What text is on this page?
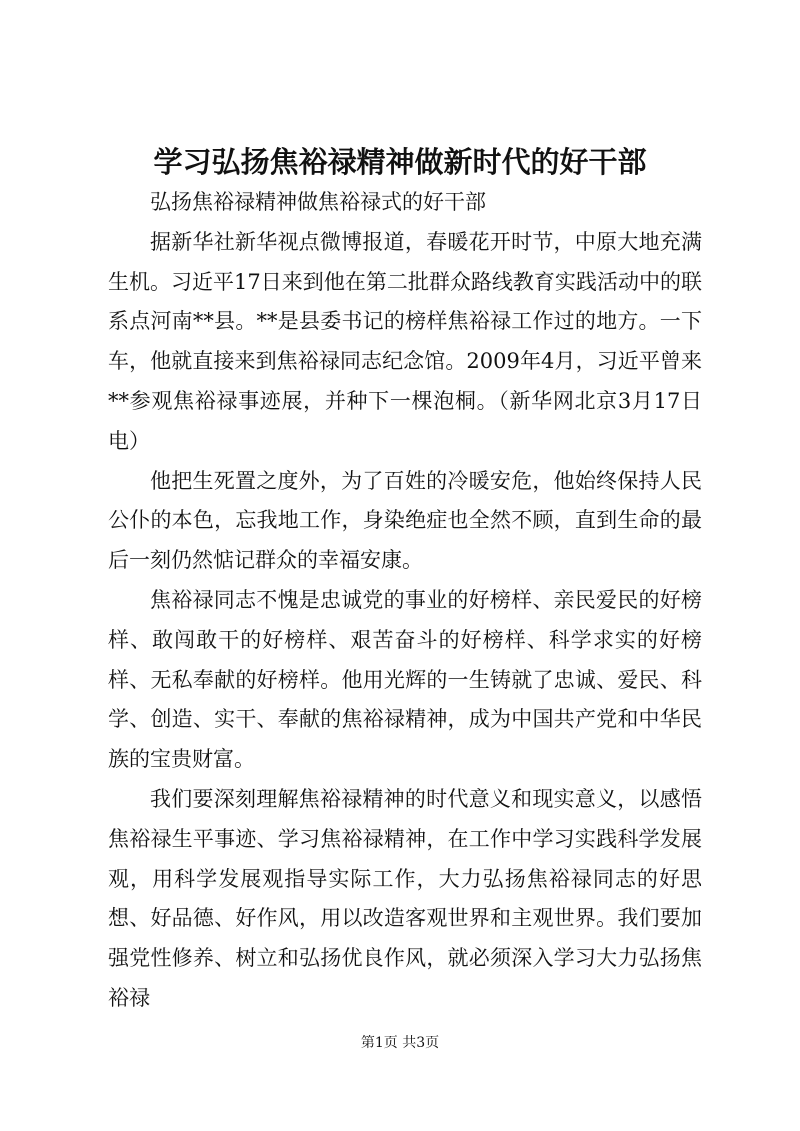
学习弘扬焦裕禄精神做新时代的好干部

弘扬焦裕禄精神做焦裕禄式的好干部

据新华社新华视点微博报道，春暖花开时节，中原大地充满生机。习近平17日来到他在第二批群众路线教育实践活动中的联系点河南**县。**是县委书记的榜样焦裕禄工作过的地方。一下车，他就直接来到焦裕禄同志纪念馆。2009年4月，习近平曾来**参观焦裕禄事迹展，并种下一棵泡桐。（新华网北京3月17日电）

他把生死置之度外，为了百姓的冷暖安危，他始终保持人民公仆的本色，忘我地工作，身染绝症也全然不顾，直到生命的最后一刻仍然惦记群众的幸福安康。

焦裕禄同志不愧是忠诚党的事业的好榜样、亲民爱民的好榜样、敢闯敢干的好榜样、艰苦奋斗的好榜样、科学求实的好榜样、无私奉献的好榜样。他用光辉的一生铸就了忠诚、爱民、科学、创造、实干、奉献的焦裕禄精神，成为中国共产党和中华民族的宝贵财富。

我们要深刻理解焦裕禄精神的时代意义和现实意义，以感悟焦裕禄生平事迹、学习焦裕禄精神，在工作中学习实践科学发展观，用科学发展观指导实际工作，大力弘扬焦裕禄同志的好思想、好品德、好作风，用以改造客观世界和主观世界。我们要加强党性修养、树立和弘扬优良作风，就必须深入学习大力弘扬焦裕禄

第1页 共3页
